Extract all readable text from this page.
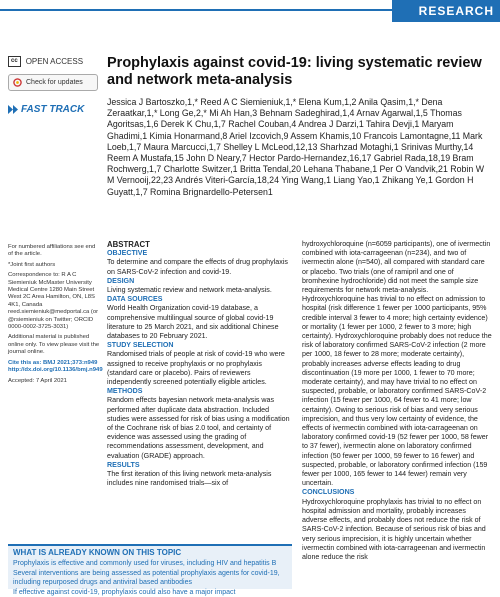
RESEARCH
cc	OPEN ACCESS
Check for updates
FAST TRACK
Prophylaxis against covid-19: living systematic review and network meta-analysis
Jessica J Bartoszko,1,* Reed A C Siemieniuk,1,* Elena Kum,1,2 Anila Qasim,1,* Dena Zeraatkar,1,* Long Ge,2,* Mi Ah Han,3 Behnam Sadeghirad,1,4 Arnav Agarwal,1,5 Thomas Agoritsas,1,6 Derek K Chu,1,7 Rachel Couban,4 Andrea J Darzi,1 Tahira Devji,1 Maryam Ghadimi,1 Kimia Honarmand,8 Ariel Izcovich,9 Assem Khamis,10 Francois Lamontagne,11 Mark Loeb,1,7 Maura Marcucci,1,7 Shelley L McLeod,12,13 Sharhzad Motaghi,1 Srinivas Murthy,14 Reem A Mustafa,15 John D Neary,7 Hector Pardo-Hernandez,16,17 Gabriel Rada,18,19 Bram Rochwerg,1,7 Charlotte Switzer,1 Britta Tendal,20 Lehana Thabane,1 Per O Vandvik,21 Robin W M Vernooij,22,23 Andrés Viteri-García,18,24 Ying Wang,1 Liang Yao,1 Zhikang Ye,1 Gordon H Guyatt,1,7 Romina Brignardello-Petersen1

For numbered affiliations see end of the article.

*Joint first authors

Correspondence to: R A C Siemieniuk McMaster University Medical Centre 1280 Main Street West 2C Area Hamilton, ON, L8S 4K1, Canada reed.siemieniuk@medportal.ca (or @rsiemieniuk on Twitter; ORCID 0000-0002-3725-3031)

Additional material is published online only. To view please visit the journal online.

Cite this as: BMJ 2021;373:n949 http://dx.doi.org/10.1136/bmj.n949

Accepted: 7 April 2021

ABSTRACT

OBJECTIVE

To determine and compare the effects of drug prophylaxis on SARS-CoV-2 infection and covid-19.

DESIGN

Living systematic review and network meta-analysis.

DATA SOURCES

World Health Organization covid-19 database, a comprehensive multilingual source of global covid-19 literature to 25 March 2021, and six additional Chinese databases to 20 February 2021.

STUDY SELECTION

Randomised trials of people at risk of covid-19 who were assigned to receive prophylaxis or no prophylaxis (standard care or placebo). Pairs of reviewers independently screened potentially eligible articles.

METHODS

Random effects bayesian network meta-analysis was performed after duplicate data abstraction. Included studies were assessed for risk of bias using a modification of the Cochrane risk of bias 2.0 tool, and certainty of evidence was assessed using the grading of recommendations assessment, development, and evaluation (GRADE) approach.

RESULTS

The first iteration of this living network meta-analysis includes nine randomised trials—six of

hydroxychloroquine (n=6059 participants), one of ivermectin combined with iota-carrageenan (n=234), and two of ivermectin alone (n=540), all compared with standard care or placebo. Two trials (one of ramipril and one of bromhexine hydrochloride) did not meet the sample size requirements for network meta-analysis. Hydroxychloroquine has trivial to no effect on admission to hospital (risk difference 1 fewer per 1000 participants, 95% credible interval 3 fewer to 4 more; high certainty evidence) or mortality (1 fewer per 1000, 2 fewer to 3 more; high certainty). Hydroxychloroquine probably does not reduce the risk of laboratory confirmed SARS-CoV-2 infection (2 more per 1000, 18 fewer to 28 more; moderate certainty), probably increases adverse effects leading to drug discontinuation (19 more per 1000, 1 fewer to 70 more; moderate certainty), and may have trivial to no effect on suspected, probable, or laboratory confirmed SARS-CoV-2 infection (15 fewer per 1000, 64 fewer to 41 more; low certainty). Owing to serious risk of bias and very serious imprecision, and thus very low certainty of evidence, the effects of ivermectin combined with iota-carrageenan on laboratory confirmed covid-19 (52 fewer per 1000, 58 fewer to 37 fewer), ivermectin alone on laboratory confirmed infection (50 fewer per 1000, 59 fewer to 16 fewer) and suspected, probable, or laboratory confirmed infection (159 fewer per 1000, 165 fewer to 144 fewer) remain very uncertain.

CONCLUSIONS

Hydroxychloroquine prophylaxis has trivial to no effect on hospital admission and mortality, probably increases adverse effects, and probably does not reduce the risk of SARS-CoV-2 infection. Because of serious risk of bias and very serious imprecision, it is highly uncertain whether ivermectin combined with iota-carrageenan and ivermectin alone reduce the risk

WHAT IS ALREADY KNOWN ON THIS TOPIC

Prophylaxis is effective and commonly used for viruses, including HIV and hepatitis B

Several interventions are being assessed as potential prophylaxis agents for covid-19, including repurposed drugs and antiviral based antibodies

If effective against covid-19, prophylaxis could also have a major impact
